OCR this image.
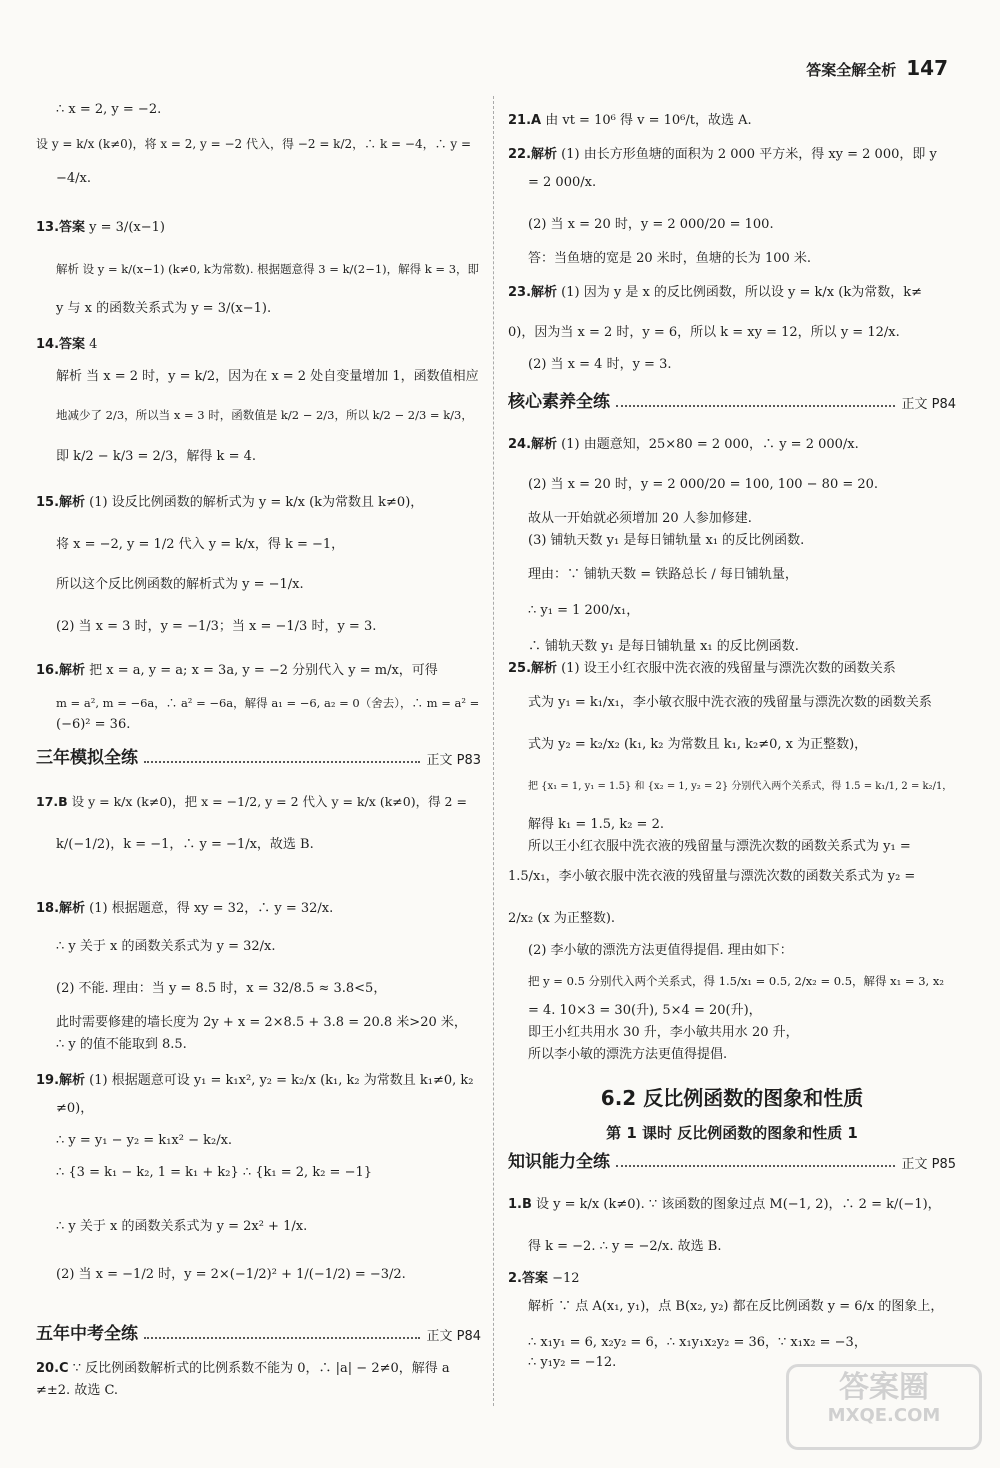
答案全解全析 147
三年模拟全练	正文 P83
五年中考全练	正文 P84
∴ x = 2, y = −2.
设 y = k/x (k≠0)，将 x = 2, y = −2 代入，得 −2 = k/2，∴ k = −4，∴ y =
−4/x.
13.答案 y = 3/(x−1)
解析 设 y = k/(x−1) (k≠0, k为常数). 根据题意得 3 = k/(2−1)，解得 k = 3，即
y 与 x 的函数关系式为 y = 3/(x−1).
14.答案 4
解析 当 x = 2 时，y = k/2，因为在 x = 2 处自变量增加 1，函数值相应
地减少了 2/3，所以当 x = 3 时，函数值是 k/2 − 2/3，所以 k/2 − 2/3 = k/3，
即 k/2 − k/3 = 2/3，解得 k = 4.
15.解析 (1) 设反比例函数的解析式为 y = k/x (k为常数且 k≠0)，
将 x = −2, y = 1/2 代入 y = k/x，得 k = −1，
所以这个反比例函数的解析式为 y = −1/x.
(2) 当 x = 3 时，y = −1/3；当 x = −1/3 时，y = 3.
16.解析 把 x = a, y = a; x = 3a, y = −2 分别代入 y = m/x，可得
m = a², m = −6a，∴ a² = −6a，解得 a₁ = −6, a₂ = 0（舍去），∴ m = a² =
(−6)² = 36.
17.B 设 y = k/x (k≠0)，把 x = −1/2, y = 2 代入 y = k/x (k≠0)，得 2 =
k/(−1/2)，k = −1，∴ y = −1/x，故选 B.
18.解析 (1) 根据题意，得 xy = 32，∴ y = 32/x.
∴ y 关于 x 的函数关系式为 y = 32/x.
(2) 不能. 理由：当 y = 8.5 时，x = 32/8.5 ≈ 3.8<5，
此时需要修建的墙长度为 2y + x = 2×8.5 + 3.8 = 20.8 米>20 米，
∴ y 的值不能取到 8.5.
19.解析 (1) 根据题意可设 y₁ = k₁x², y₂ = k₂/x (k₁, k₂ 为常数且 k₁≠0, k₂
≠0)，
∴ y = y₁ − y₂ = k₁x² − k₂/x.
∴ {3 = k₁ − k₂, 1 = k₁ + k₂} ∴ {k₁ = 2, k₂ = −1}
∴ y 关于 x 的函数关系式为 y = 2x² + 1/x.
(2) 当 x = −1/2 时，y = 2×(−1/2)² + 1/(−1/2) = −3/2.
20.C ∵ 反比例函数解析式的比例系数不能为 0，∴ |a| − 2≠0，解得 a
≠±2. 故选 C.
核心素养全练	正文 P84
6.2 反比例函数的图象和性质
第 1 课时 反比例函数的图象和性质 1
知识能力全练	正文 P85
21.A 由 vt = 10⁶ 得 v = 10⁶/t，故选 A.
22.解析 (1) 由长方形鱼塘的面积为 2 000 平方米，得 xy = 2 000，即 y
= 2 000/x.
(2) 当 x = 20 时，y = 2 000/20 = 100.
答：当鱼塘的宽是 20 米时，鱼塘的长为 100 米.
23.解析 (1) 因为 y 是 x 的反比例函数，所以设 y = k/x (k为常数，k≠
0)，因为当 x = 2 时，y = 6，所以 k = xy = 12，所以 y = 12/x.
(2) 当 x = 4 时，y = 3.
24.解析 (1) 由题意知，25×80 = 2 000，∴ y = 2 000/x.
(2) 当 x = 20 时，y = 2 000/20 = 100, 100 − 80 = 20.
故从一开始就必须增加 20 人参加修建.
(3) 铺轨天数 y₁ 是每日铺轨量 x₁ 的反比例函数.
理由：∵ 铺轨天数 = 铁路总长 / 每日铺轨量，
∴ y₁ = 1 200/x₁，
∴ 铺轨天数 y₁ 是每日铺轨量 x₁ 的反比例函数.
25.解析 (1) 设王小红衣服中洗衣液的残留量与漂洗次数的函数关系
式为 y₁ = k₁/x₁，李小敏衣服中洗衣液的残留量与漂洗次数的函数关系
式为 y₂ = k₂/x₂ (k₁, k₂ 为常数且 k₁, k₂≠0, x 为正整数)，
把 {x₁ = 1, y₁ = 1.5} 和 {x₂ = 1, y₂ = 2} 分别代入两个关系式，得 1.5 = k₁/1, 2 = k₂/1，
解得 k₁ = 1.5, k₂ = 2.
所以王小红衣服中洗衣液的残留量与漂洗次数的函数关系式为 y₁ =
1.5/x₁，李小敏衣服中洗衣液的残留量与漂洗次数的函数关系式为 y₂ =
2/x₂ (x 为正整数).
(2) 李小敏的漂洗方法更值得提倡. 理由如下：
把 y = 0.5 分别代入两个关系式，得 1.5/x₁ = 0.5, 2/x₂ = 0.5，解得 x₁ = 3, x₂
= 4. 10×3 = 30(升), 5×4 = 20(升)，
即王小红共用水 30 升，李小敏共用水 20 升，
所以李小敏的漂洗方法更值得提倡.
1.B 设 y = k/x (k≠0). ∵ 该函数的图象过点 M(−1, 2)，∴ 2 = k/(−1)，
得 k = −2. ∴ y = −2/x. 故选 B.
2.答案 −12
解析 ∵ 点 A(x₁, y₁)，点 B(x₂, y₂) 都在反比例函数 y = 6/x 的图象上，
∴ x₁y₁ = 6, x₂y₂ = 6，∴ x₁y₁x₂y₂ = 36，∵ x₁x₂ = −3，
∴ y₁y₂ = −12.
答案圈
MXQE.COM
